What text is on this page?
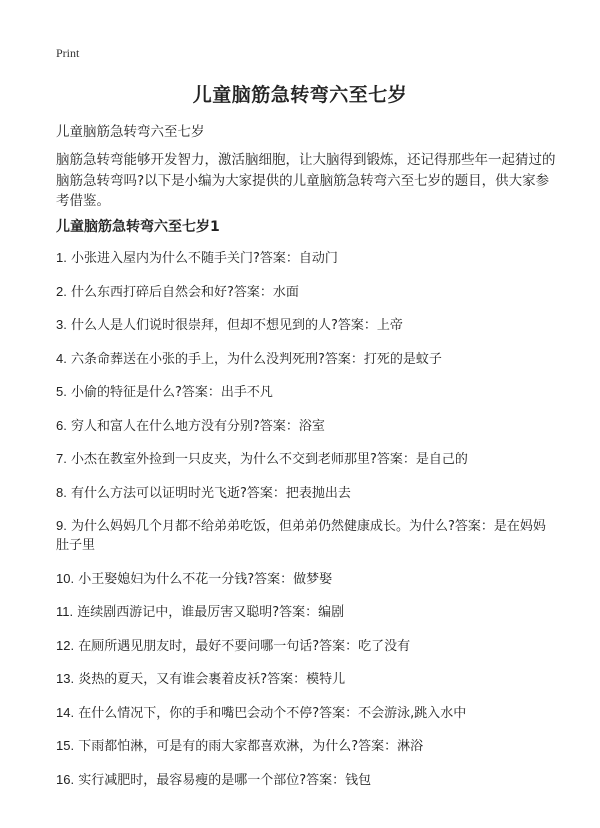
Print
儿童脑筋急转弯六至七岁
儿童脑筋急转弯六至七岁
脑筋急转弯能够开发智力，激活脑细胞，让大脑得到锻炼，还记得那些年一起猜过的脑筋急转弯吗?以下是小编为大家提供的儿童脑筋急转弯六至七岁的题目，供大家参考借鉴。
儿童脑筋急转弯六至七岁1
1. 小张进入屋内为什么不随手关门?答案：自动门
2. 什么东西打碎后自然会和好?答案：水面
3. 什么人是人们说时很崇拜，但却不想见到的人?答案：上帝
4. 六条命葬送在小张的手上，为什么没判死刑?答案：打死的是蚊子
5. 小偷的特征是什么?答案：出手不凡
6. 穷人和富人在什么地方没有分别?答案：浴室
7. 小杰在教室外捡到一只皮夹，为什么不交到老师那里?答案：是自己的
8. 有什么方法可以证明时光飞逝?答案：把表抛出去
9. 为什么妈妈几个月都不给弟弟吃饭，但弟弟仍然健康成长。为什么?答案：是在妈妈肚子里
10. 小王娶媳妇为什么不花一分钱?答案：做梦娶
11. 连续剧西游记中，谁最厉害又聪明?答案：编剧
12. 在厕所遇见朋友时，最好不要问哪一句话?答案：吃了没有
13. 炎热的夏天，又有谁会裹着皮袄?答案：模特儿
14. 在什么情况下，你的手和嘴巴会动个不停?答案：不会游泳,跳入水中
15. 下雨都怕淋，可是有的雨大家都喜欢淋，为什么?答案：淋浴
16. 实行减肥时，最容易瘦的是哪一个部位?答案：钱包
